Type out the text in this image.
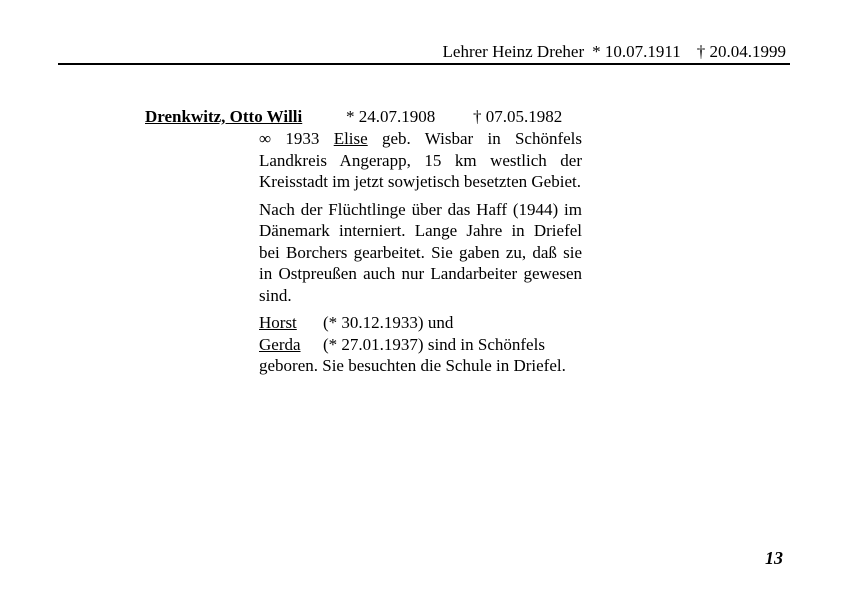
Lehrer Heinz Dreher * 10.07.1911 † 20.04.1999
Drenkwitz, Otto Willi	* 24.07.1908 † 07.05.1982

∞ 1933 Elise geb. Wisbar in Schönfels Landkreis Angerapp, 15 km westlich der Kreisstadt im jetzt sowjetisch besetzten Gebiet.

Nach der Flüchtlinge über das Haff (1944) im Dänemark interniert. Lange Jahre in Driefel bei Borchers gearbeitet. Sie gaben zu, daß sie in Ostpreußen auch nur Landarbeiter gewesen sind.

Horst	(* 30.12.1933) und
Gerda	(* 27.01.1937) sind in Schönfels

geboren. Sie besuchten die Schule in Driefel.

13
